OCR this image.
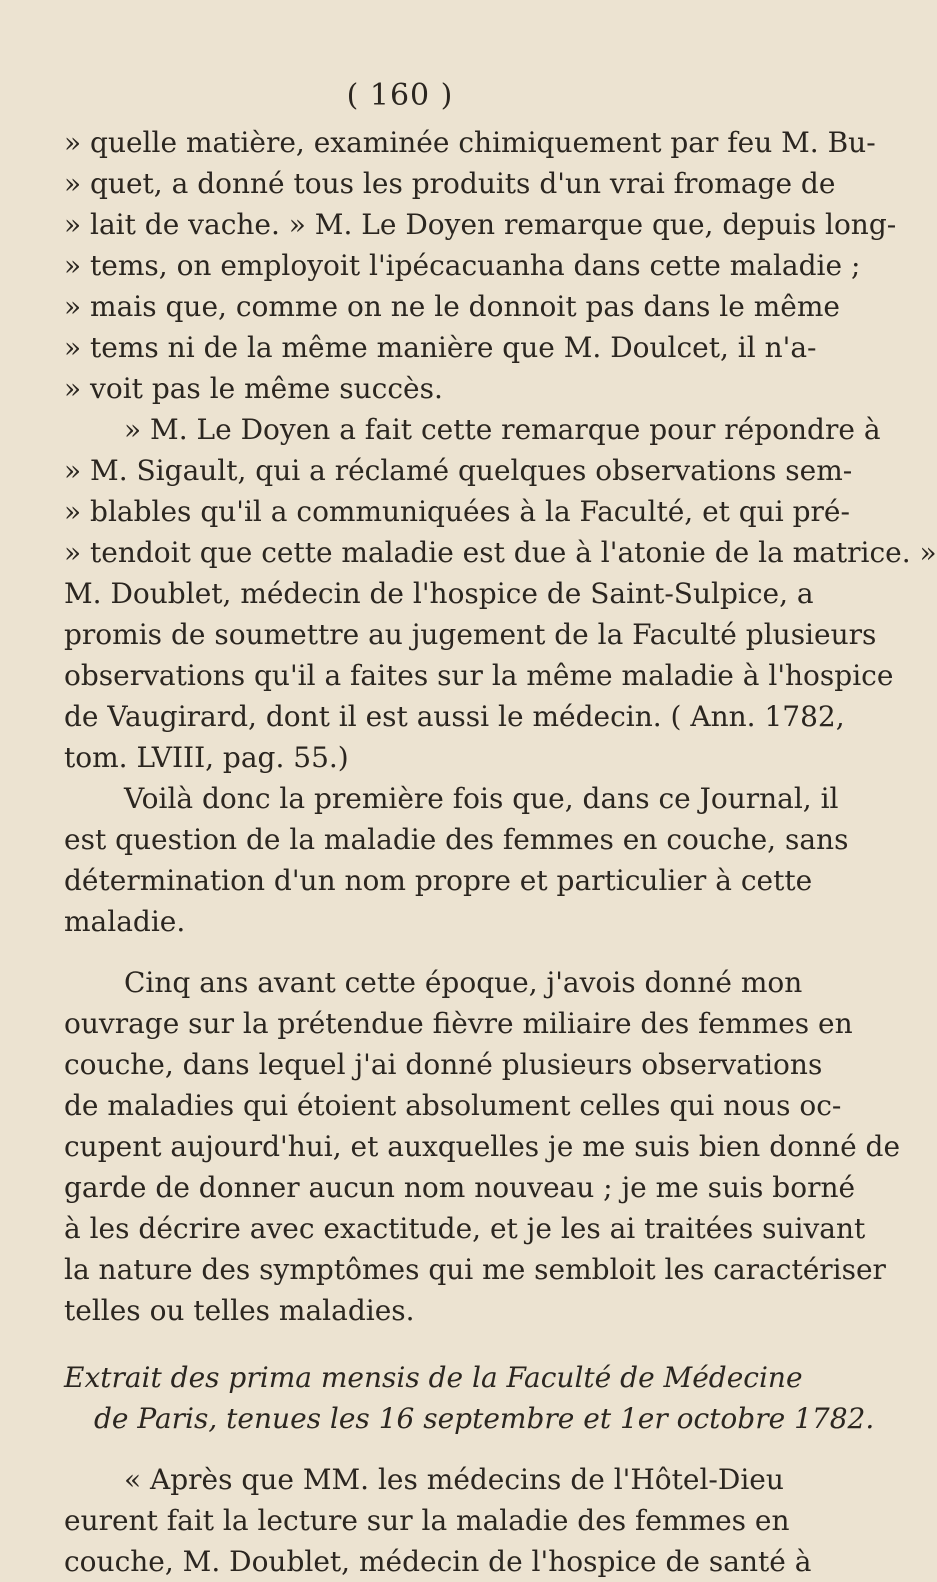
( 160 )
» quelle matière, examinée chimiquement par feu M. Bu-
» quet, a donné tous les produits d'un vrai fromage de
» lait de vache. » M. Le Doyen remarque que, depuis long-
» tems, on employoit l'ipécacuanha dans cette maladie ;
» mais que, comme on ne le donnoit pas dans le même
» tems ni de la même manière que M. Doulcet, il n'a-
» voit pas le même succès.
» M. Le Doyen a fait cette remarque pour répondre à
» M. Sigault, qui a réclamé quelques observations sem-
» blables qu'il a communiquées à la Faculté, et qui pré-
» tendoit que cette maladie est due à l'atonie de la matrice. »
M. Doublet, médecin de l'hospice de Saint-Sulpice, a
promis de soumettre au jugement de la Faculté plusieurs
observations qu'il a faites sur la même maladie à l'hospice
de Vaugirard, dont il est aussi le médecin. ( Ann. 1782,
tom. LVIII, pag. 55.)
Voilà donc la première fois que, dans ce Journal, il
est question de la maladie des femmes en couche, sans
détermination d'un nom propre et particulier à cette
maladie.
Cinq ans avant cette époque, j'avois donné mon
ouvrage sur la prétendue fièvre miliaire des femmes en
couche, dans lequel j'ai donné plusieurs observations
de maladies qui étoient absolument celles qui nous oc-
cupent aujourd'hui, et auxquelles je me suis bien donné de
garde de donner aucun nom nouveau ; je me suis borné
à les décrire avec exactitude, et je les ai traitées suivant
la nature des symptômes qui me sembloit les caractériser
telles ou telles maladies.
Extrait des prima mensis de la Faculté de Médecine
de Paris, tenues les 16 septembre et 1er octobre 1782.
« Après que MM. les médecins de l'Hôtel-Dieu
eurent fait la lecture sur la maladie des femmes en
couche, M. Doublet, médecin de l'hospice de santé à
